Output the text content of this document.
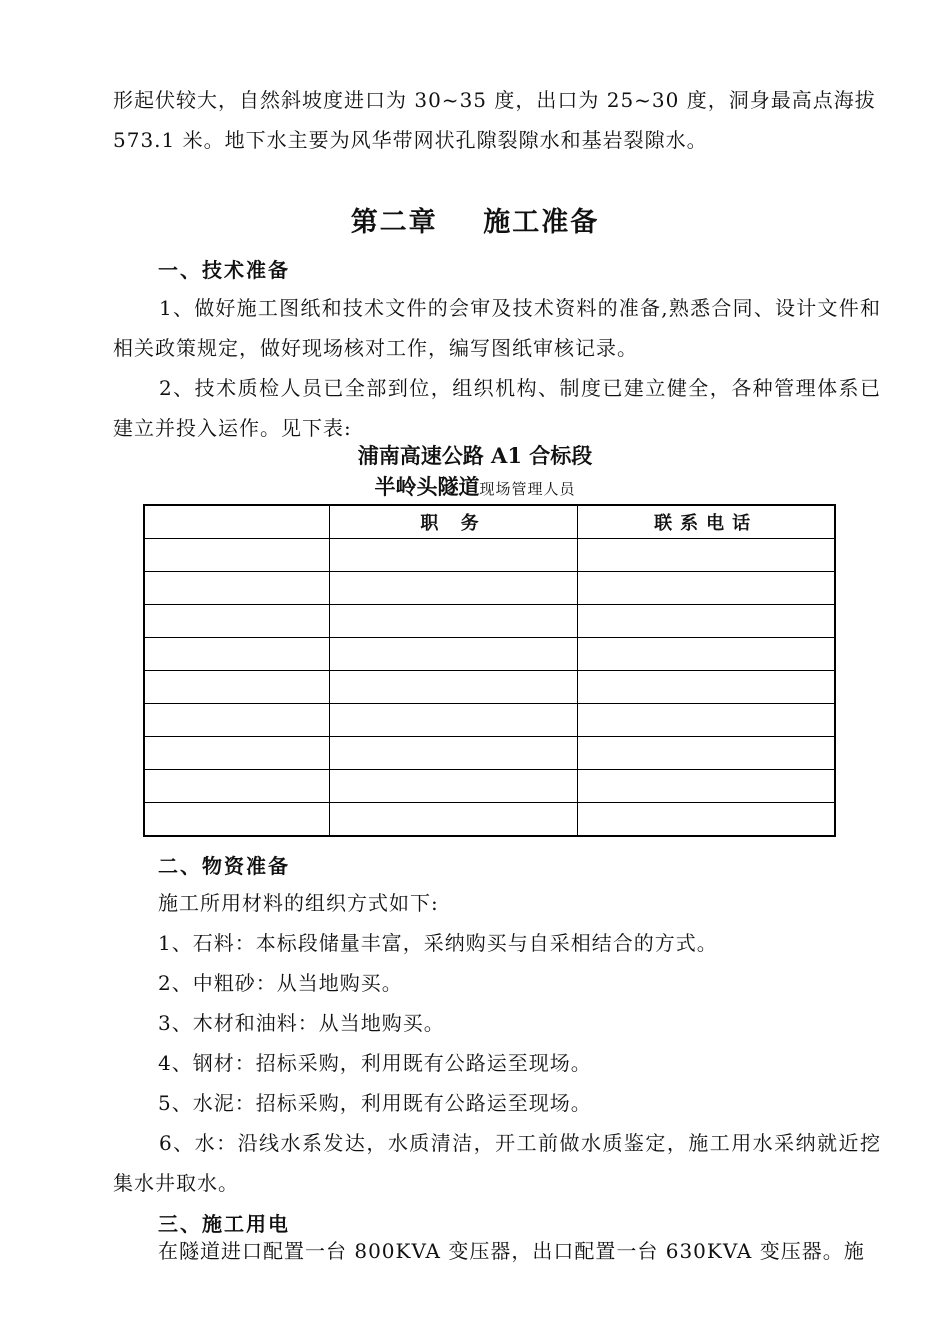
形起伏较大，自然斜坡度进口为 30~35 度，出口为 25~30 度，洞身最高点海拔
573.1 米。地下水主要为风华带网状孔隙裂隙水和基岩裂隙水。
第二章    施工准备
一、技术准备

1、做好施工图纸和技术文件的会审及技术资料的准备,熟悉合同、设计文件和相关政策规定，做好现场核对工作，编写图纸审核记录。

2、技术质检人员已全部到位，组织机构、制度已建立健全，各种管理体系已建立并投入运作。见下表:

浦南高速公路 A1 合标段
半岭头隧道现场管理人员
	职 务	联系电话

二、物资准备
施工所用材料的组织方式如下:
1、石料：本标段储量丰富，采纳购买与自采相结合的方式。
2、中粗砂：从当地购买。
3、木材和油料：从当地购买。
4、钢材：招标采购，利用既有公路运至现场。
5、水泥：招标采购，利用既有公路运至现场。

6、水：沿线水系发达，水质清洁，开工前做水质鉴定，施工用水采纳就近挖集水井取水。

三、施工用电
在隧道进口配置一台 800KVA 变压器，出口配置一台 630KVA 变压器。施
